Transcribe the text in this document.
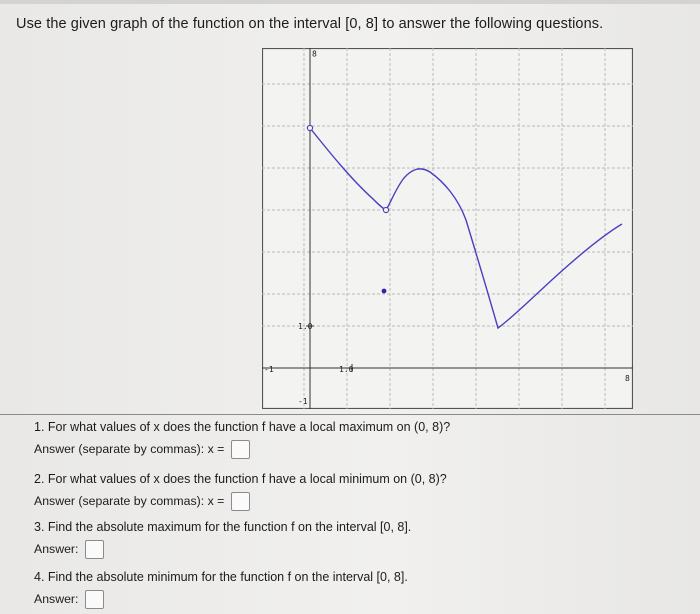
Use the given graph of the function on the interval [0, 8] to answer the following questions.
8
1.0
-1	1.0
8
-1
1. For what values of x does the function f have a local maximum on (0, 8)?
Answer (separate by commas): x =
2. For what values of x does the function f have a local minimum on (0, 8)?
Answer (separate by commas): x =
3. Find the absolute maximum for the function f on the interval [0, 8].
Answer:
4. Find the absolute minimum for the function f on the interval [0, 8].
Answer:
